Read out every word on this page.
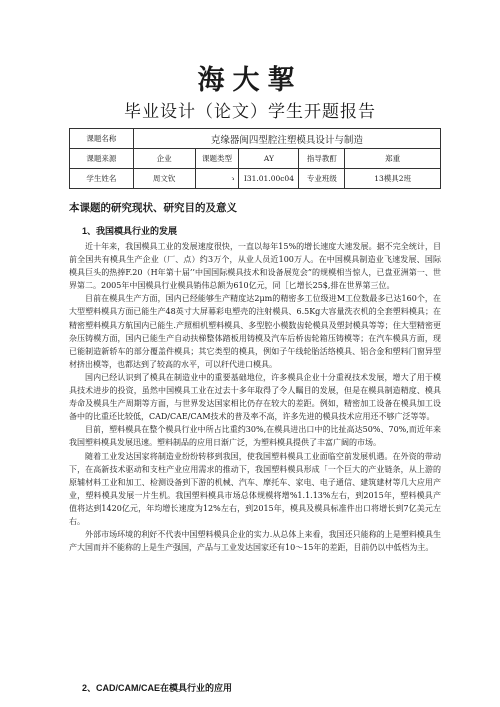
海大挈
毕业设计（论文）学生开题报告
课题名称	克缘器闽四型腔注塑模具设计与制造				
课题来源	企业	课题类型	AY	指导教酊	郑重
学生姓名	周文钦	ゝ	I31.01.00c04	专业班级	13模具2班
本课题的研究现状、研究目的及意义
1、我国模具行业的发展

近十年来，我国模具工业的发展速度很快，一直以每年15%的增长速度大速发展。据不完全统计，目前全国共有模具生产企业（厂、点）约3万个，从业人员近100万人。在中国模具制造业飞速发展、国际模具巨头的热捧F.20（H年第十届’’中国国际模具技术和设备展览会”的规模相当惊人，已盘亚洲第一、世界第二。2005年中国模具行业模具销伟总额为610亿元，同［匕增长25$,排在世界第三位。

目前在模具生产方面，国内已经能够生产精度达2μm的精密多工位级进M工位数最多已达160个，在大型塑料模具方面已能生产48英寸大屏幕彩电塑壳的注射模具、6.5Kg大容量洗衣机的全套塑料模具；在精密塑料模具方航国内已能生.产照相机塑料模具、多型腔小模数齿轮模具及塑封模具等等；住大型精密更杂压铸模方面，国内已能生产自动扶梯整体踏板用铸模及汽车后桥齿轮箱压铸模等；在汽车模具方面，现已能制造新轿车的部分覆盖件模具；其它类型的模具，例如子午线轮胎活络模具、铝合金和塑料门窗异型材挤出模等，也都达到了较高的水平，可以秆代进口模具。

国内已经认识到了模具在制造业中的重要基础地位，许多模具企业十分重视技术发展，增大了用于模具技术进步的投资，虽然中国模具工业在过去十多年取得了令人瞩目的发展，但是在模具制造精度、模具寿命及模具生产周期等方面，与世界发达国家相比仍存在较大的差距。例如，精密加工设备在模具加工设备中的比重还比较低，CAD/CAE/CAM技术的普及率不高，许多先进的模具技术应用还不够广泛等等。

目前，塑料模具在整个模具行业中所占比重约30%,在模具进出口中的比扯高达50%、70%,而近年来我国塑料模具发展迅速。塑料制品的应用日渐广泛，为塑料模具提供了丰富广阔的市场。

随着工业发达国家将制造业纷纷转移到我国，使我国塑料模具工业面临空前发展机遇。在外资的带动下，在高新技术驱动和支柱产业应用需求的推动下，我国塑料模具形成「一个巨大的产业链条，从上游的原辅材料工业和加工、检测设备到下游的机械、汽车、摩托车、家电、电子通信、建筑建材等几大应用产业，塑料模具发展一片生机。我国塑料模具市场总体规模将增%1.1.13%左右，到2015年，塑料模具产值将达到1420亿元，年均增长速度为12%左右，到2015年，模具及模具标准件出口将增长到7亿美元左右。

外部市场环境的利好不代表中国塑料模具企业的实力.从总体上来看，我国还只能称的上是塑料模具生产大国而并不能称的上是生产强国，产品与工业发达国家还有10～15年的差距，目前仍以中低档为主。

2、CAD/CAM/CAE在模具行业的应用
